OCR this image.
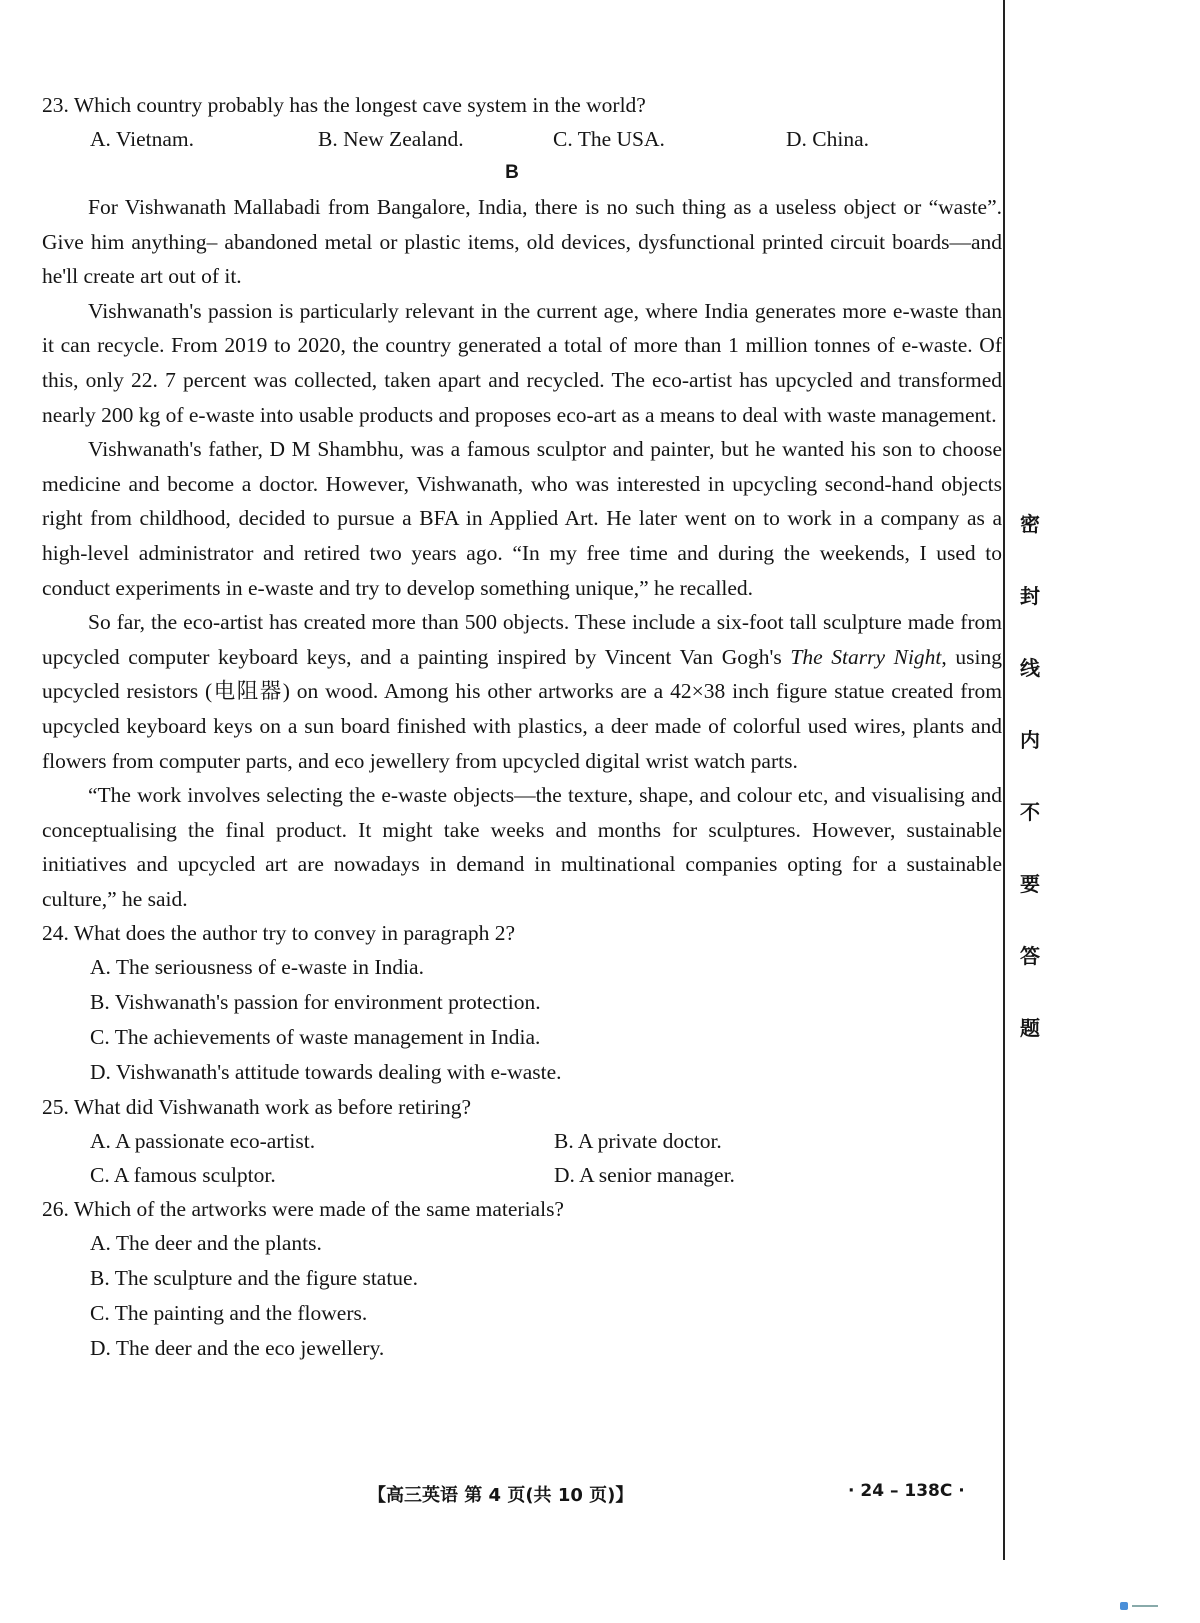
23. Which country probably has the longest cave system in the world?

A. Vietnam.	B. New Zealand.	C. The USA.	D. China.

B

For Vishwanath Mallabadi from Bangalore, India, there is no such thing as a useless object or “waste”. Give him anything– abandoned metal or plastic items, old devices, dysfunctional printed circuit boards—and he'll create art out of it.

Vishwanath's passion is particularly relevant in the current age, where India generates more e-waste than it can recycle. From 2019 to 2020, the country generated a total of more than 1 million tonnes of e-waste. Of this, only 22. 7 percent was collected, taken apart and recycled. The eco-artist has upcycled and transformed nearly 200 kg of e-waste into usable products and proposes eco-art as a means to deal with waste management.

Vishwanath's father, D M Shambhu, was a famous sculptor and painter, but he wanted his son to choose medicine and become a doctor. However, Vishwanath, who was interested in upcycling second-hand objects right from childhood, decided to pursue a BFA in Applied Art. He later went on to work in a company as a high-level administrator and retired two years ago. “In my free time and during the weekends, I used to conduct experiments in e-waste and try to develop something unique,” he recalled.

So far, the eco-artist has created more than 500 objects. These include a six-foot tall sculpture made from upcycled computer keyboard keys, and a painting inspired by Vincent Van Gogh's The Starry Night, using upcycled resistors (电阻器) on wood. Among his other artworks are a 42×38 inch figure statue created from upcycled keyboard keys on a sun board finished with plastics, a deer made of colorful used wires, plants and flowers from computer parts, and eco jewellery from upcycled digital wrist watch parts.

“The work involves selecting the e-waste objects—the texture, shape, and colour etc, and visualising and conceptualising the final product. It might take weeks and months for sculptures. However, sustainable initiatives and upcycled art are nowadays in demand in multinational companies opting for a sustainable culture,” he said.

24. What does the author try to convey in paragraph 2?

A. The seriousness of e-waste in India.

B. Vishwanath's passion for environment protection.

C. The achievements of waste management in India.

D. Vishwanath's attitude towards dealing with e-waste.

25. What did Vishwanath work as before retiring?

A. A passionate eco-artist.	B. A private doctor.
C. A famous sculptor.	D. A senior manager.

26. Which of the artworks were made of the same materials?

A. The deer and the plants.

B. The sculpture and the figure statue.

C. The painting and the flowers.

D. The deer and the eco jewellery.

【高三英语 第 4 页(共 10 页)】	· 24 – 138C ·
密
封
线
内
不
要
答
题
